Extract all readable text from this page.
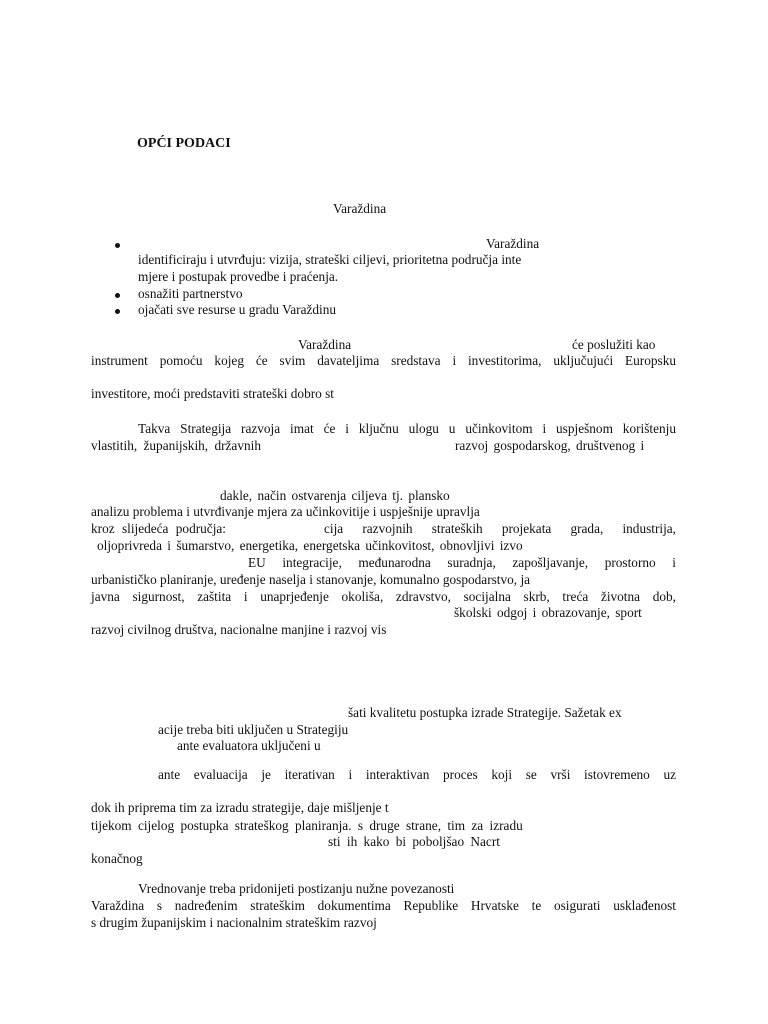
OPĆI PODACI
Varaždina
Varaždina
identificiraju i utvrđuju: vizija, strateški ciljevi, prioritetna područja inte
mjere i postupak provedbe i praćenja.
osnažiti partnerstvo
ojačati sve resurse u gradu Varaždinu
Varaždina	će poslužiti kao
instrument pomoću kojeg će svim davateljima sredstava i investitorima, uključujući Europsku
investitore, moći predstaviti strateški dobro st
Takva Strategija razvoja imat će i ključnu ulogu u učinkovitom i uspješnom korištenju
vlastitih, županijskih, državnih	razvoj gospodarskog, društvenog i
dakle, način ostvarenja ciljeva tj. plansko
analizu problema i utvrđivanje mjera za učinkovitije i uspješnije upravlja
kroz slijedeća područja:	cija razvojnih strateških projekata grada, industrija,
oljoprivreda i šumarstvo, energetika, energetska učinkovitost, obnovljivi izvo
EU integracije, međunarodna suradnja, zapošljavanje, prostorno i
urbanističko planiranje, uređenje naselja i stanovanje, komunalno gospodarstvo, ja
javna sigurnost, zaštita i unaprjeđenje okoliša, zdravstvo, socijalna skrb, treća životna dob,
školski odgoj i obrazovanje, sport
razvoj civilnog društva, nacionalne manjine i razvoj vis
šati kvalitetu postupka izrade Strategije. Sažetak ex
acije treba biti uključen u Strategiju
ante evaluatora uključeni u
ante evaluacija je iterativan i interaktivan proces koji se vrši istovremeno uz
dok ih priprema tim za izradu strategije, daje mišljenje t
tijekom cijelog postupka strateškog planiranja. s druge strane, tim za izradu
sti ih kako bi poboljšao Nacrt
konačnog
Vrednovanje treba pridonijeti postizanju nužne povezanosti
Varaždina s nadređenim strateškim dokumentima Republike Hrvatske te osigurati usklađenost
s drugim županijskim i nacionalnim strateškim razvoj
